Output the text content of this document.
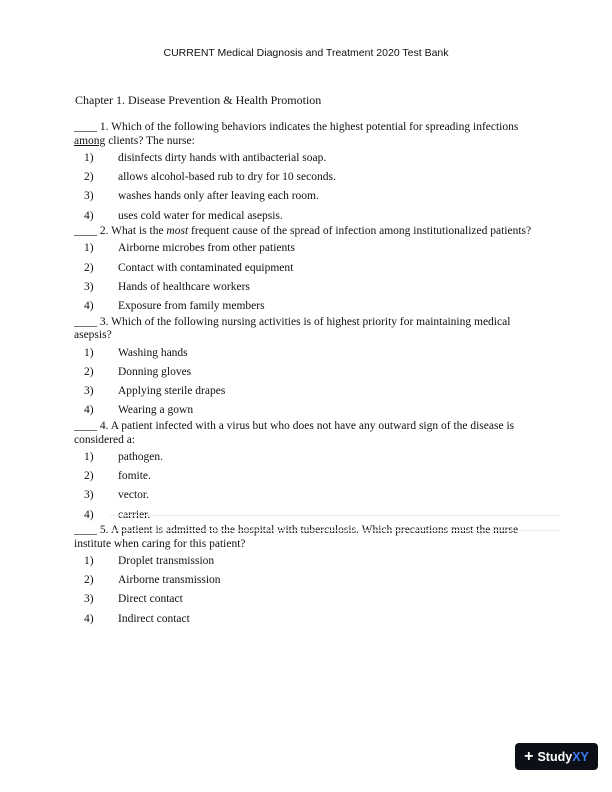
CURRENT Medical Diagnosis and Treatment 2020 Test Bank
Chapter 1. Disease Prevention & Health Promotion

____ 1. Which of the following behaviors indicates the highest potential for spreading infections among clients? The nurse:

1)	disinfects dirty hands with antibacterial soap.
2)	allows alcohol-based rub to dry for 10 seconds.
3)	washes hands only after leaving each room.
4)	uses cold water for medical asepsis.

____ 2. What is the most frequent cause of the spread of infection among institutionalized patients?

1)	Airborne microbes from other patients
2)	Contact with contaminated equipment
3)	Hands of healthcare workers
4)	Exposure from family members

____ 3. Which of the following nursing activities is of highest priority for maintaining medical asepsis?

1)	Washing hands
2)	Donning gloves
3)	Applying sterile drapes
4)	Wearing a gown

____ 4. A patient infected with a virus but who does not have any outward sign of the disease is considered a:

1)	pathogen.
2)	fomite.
3)	vector.
4)	carrier.

____ 5. A patient is admitted to the hospital with tuberculosis. Which precautions must the nurse institute when caring for this patient?

1)	Droplet transmission
2)	Airborne transmission
3)	Direct contact
4)	Indirect contact
+ Study XY
